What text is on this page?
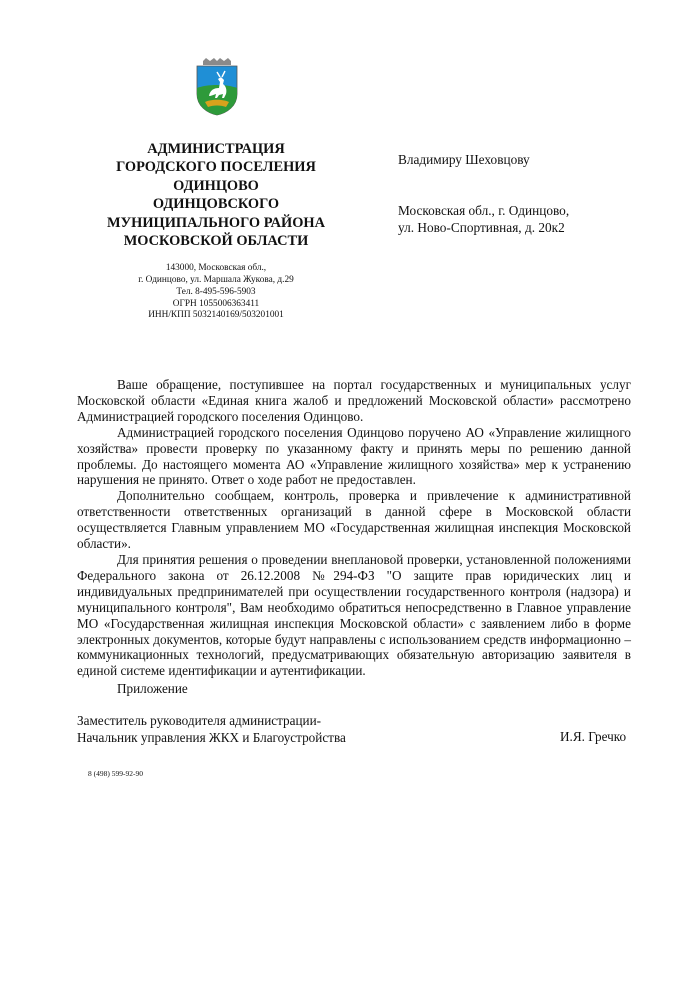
АДМИНИСТРАЦИЯ
ГОРОДСКОГО ПОСЕЛЕНИЯ
ОДИНЦОВО
ОДИНЦОВСКОГО
МУНИЦИПАЛЬНОГО РАЙОНА
МОСКОВСКОЙ ОБЛАСТИ
143000, Московская обл.,
г. Одинцово, ул. Маршала Жукова, д.29
Тел. 8-495-596-5903
ОГРН 1055006363411
ИНН/КПП 5032140169/503201001
Владимиру Шеховцову
Московская обл., г. Одинцово,
ул. Ново-Спортивная, д. 20к2

Ваше обращение, поступившее на портал государственных и муниципальных услуг Московской области «Единая книга жалоб и предложений Московской области» рассмотрено Администрацией городского поселения Одинцово.

Администрацией городского поселения Одинцово поручено АО «Управление жилищного хозяйства» провести проверку по указанному факту и принять меры по решению данной проблемы. До настоящего момента АО «Управление жилищного хозяйства» мер к устранению нарушения не принято. Ответ о ходе работ не предоставлен.

Дополнительно сообщаем, контроль, проверка и привлечение к административной ответственности ответственных организаций в данной сфере в Московской области осуществляется Главным управлением МО «Государственная жилищная инспекция Московской области».

Для принятия решения о проведении внеплановой проверки, установленной положениями Федерального закона от 26.12.2008 №294-ФЗ "О защите прав юридических лиц и индивидуальных предпринимателей при осуществлении государственного контроля (надзора) и муниципального контроля", Вам необходимо обратиться непосредственно в Главное управление МО «Государственная жилищная инспекция Московской области» с заявлением либо в форме электронных документов, которые будут направлены с использованием средств информационно – коммуникационных технологий, предусматривающих обязательную авторизацию заявителя в единой системе идентификации и аутентификации.

Приложение
Заместитель руководителя администрации-
Начальник управления ЖКХ и Благоустройства	И.Я. Гречко
8 (498) 599-92-90
